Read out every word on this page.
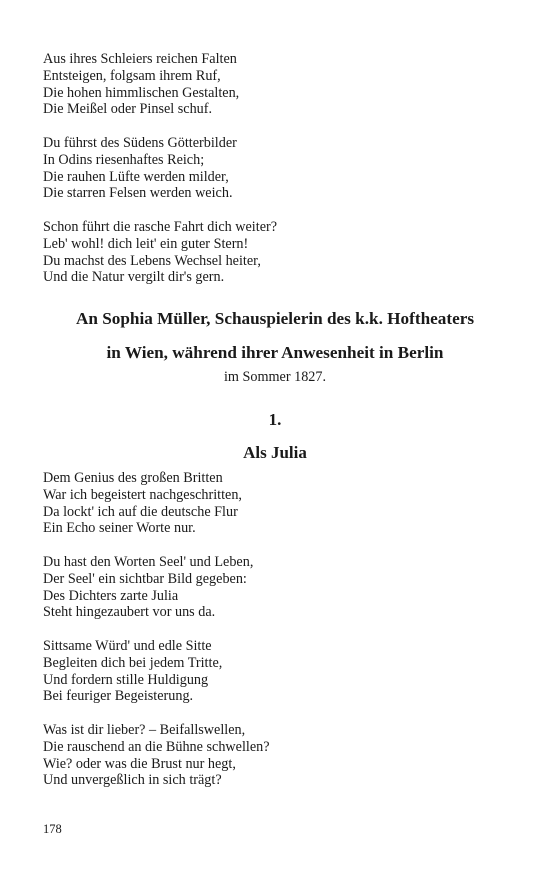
Aus ihres Schleiers reichen Falten
Entsteigen, folgsam ihrem Ruf,
Die hohen himmlischen Gestalten,
Die Meißel oder Pinsel schuf.
Du führst des Südens Götterbilder
In Odins riesenhaftes Reich;
Die rauhen Lüfte werden milder,
Die starren Felsen werden weich.
Schon führt die rasche Fahrt dich weiter?
Leb' wohl! dich leit' ein guter Stern!
Du machst des Lebens Wechsel heiter,
Und die Natur vergilt dir's gern.
An Sophia Müller, Schauspielerin des k.k. Hoftheaters
in Wien, während ihrer Anwesenheit in Berlin
im Sommer 1827.
1.
Als Julia
Dem Genius des großen Britten
War ich begeistert nachgeschritten,
Da lockt' ich auf die deutsche Flur
Ein Echo seiner Worte nur.
Du hast den Worten Seel' und Leben,
Der Seel' ein sichtbar Bild gegeben:
Des Dichters zarte Julia
Steht hingezaubert vor uns da.
Sittsame Würd' und edle Sitte
Begleiten dich bei jedem Tritte,
Und fordern stille Huldigung
Bei feuriger Begeisterung.
Was ist dir lieber? – Beifallswellen,
Die rauschend an die Bühne schwellen?
Wie? oder was die Brust nur hegt,
Und unvergeßlich in sich trägt?
178
